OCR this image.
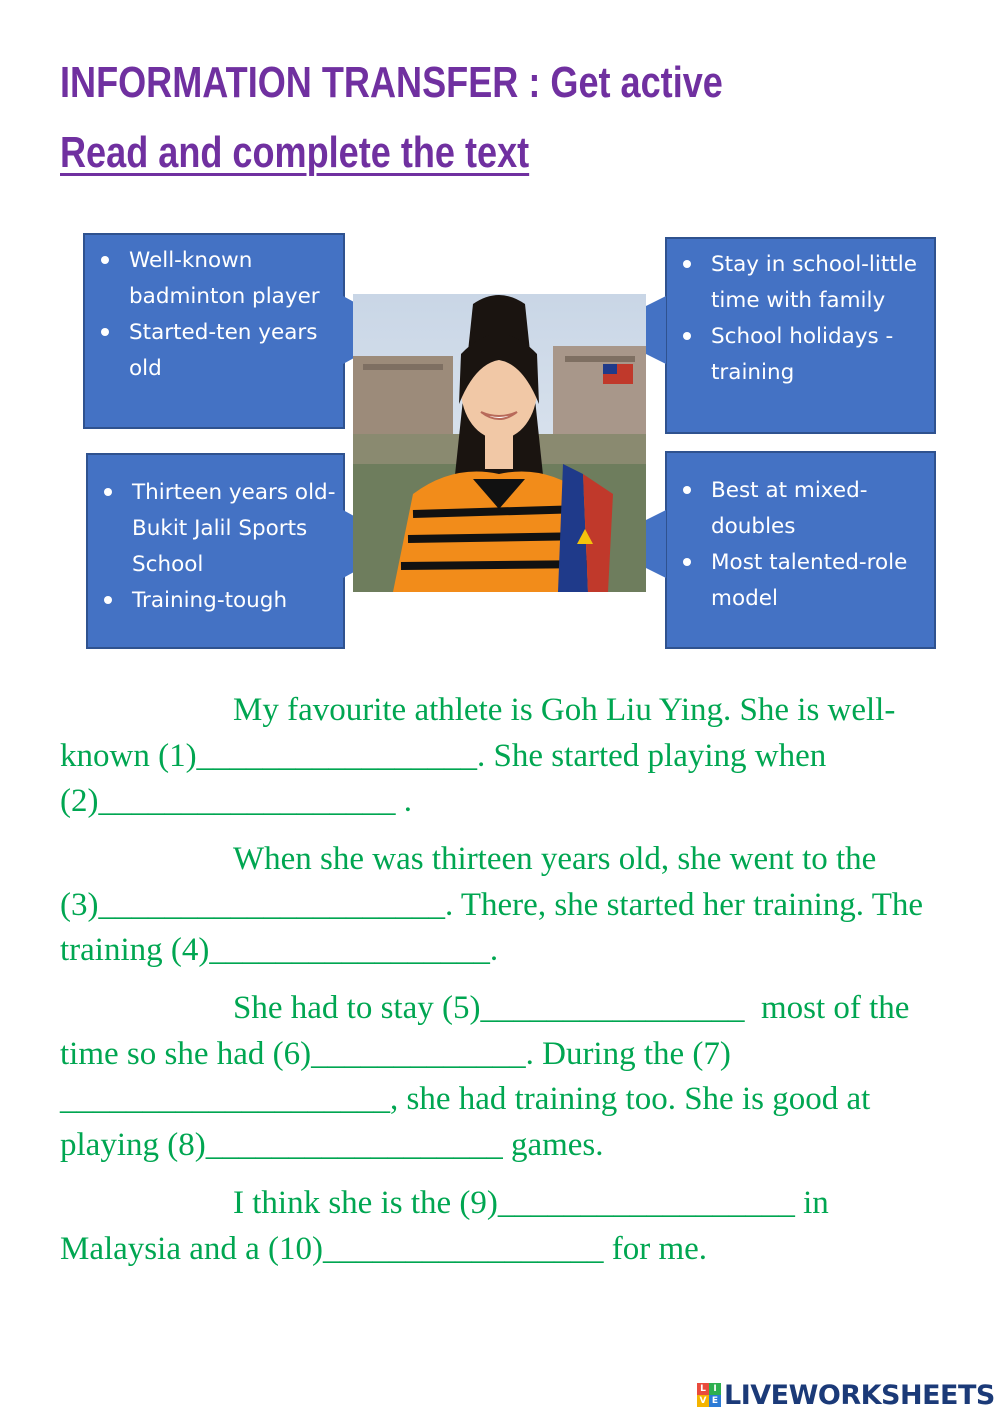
INFORMATION TRANSFER : Get active
Read and complete the text
Well-known badminton player
Started-ten years old
Thirteen years old- Bukit Jalil Sports School
Training-tough
Stay in school-little time with family
School holidays - training
Best at mixed-doubles
Most talented-role model

My favourite athlete is Goh Liu Ying. She is well-known (1)_________________. She started playing when (2)__________________ .

When she was thirteen years old, she went to the (3)_____________________. There, she started her training. The training (4)_________________.

She had to stay (5)________________  most of the time so she had (6)_____________. During the (7) ____________________, she had training too. She is good at playing (8)__________________ games.

I think she is the (9)__________________ in Malaysia and a (10)_________________ for me.

L I
V E LIVEWORKSHEETS
